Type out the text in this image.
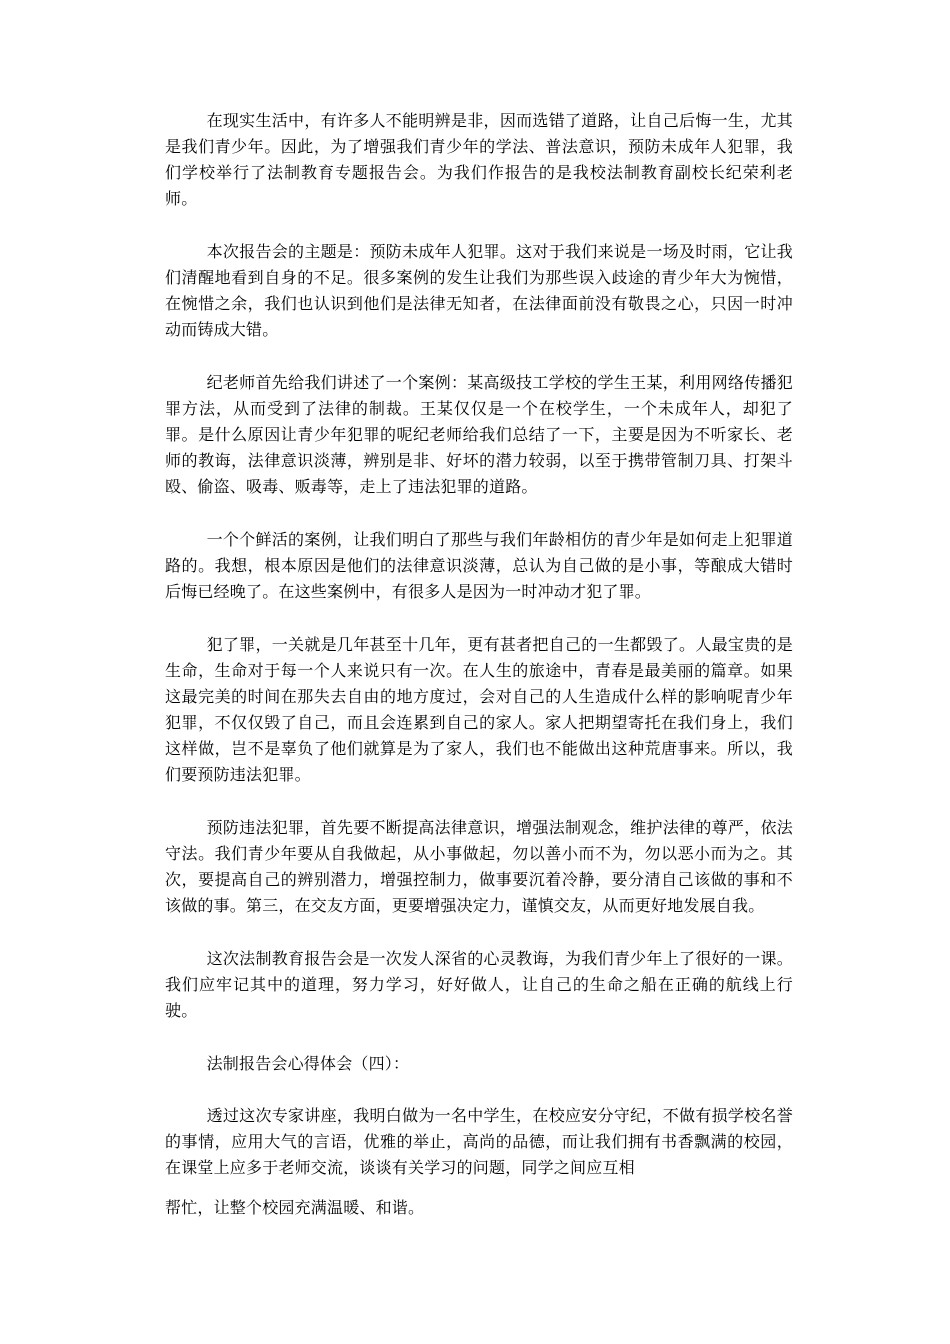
在现实生活中，有许多人不能明辨是非，因而选错了道路，让自己后悔一生，尤其是我们青少年。因此，为了增强我们青少年的学法、普法意识，预防未成年人犯罪，我们学校举行了法制教育专题报告会。为我们作报告的是我校法制教育副校长纪荣利老师。

本次报告会的主题是：预防未成年人犯罪。这对于我们来说是一场及时雨，它让我们清醒地看到自身的不足。很多案例的发生让我们为那些误入歧途的青少年大为惋惜，在惋惜之余，我们也认识到他们是法律无知者，在法律面前没有敬畏之心，只因一时冲动而铸成大错。

纪老师首先给我们讲述了一个案例：某高级技工学校的学生王某，利用网络传播犯罪方法，从而受到了法律的制裁。王某仅仅是一个在校学生，一个未成年人，却犯了罪。是什么原因让青少年犯罪的呢纪老师给我们总结了一下，主要是因为不听家长、老师的教诲，法律意识淡薄，辨别是非、好坏的潜力较弱，以至于携带管制刀具、打架斗殴、偷盗、吸毒、贩毒等，走上了违法犯罪的道路。

一个个鲜活的案例，让我们明白了那些与我们年龄相仿的青少年是如何走上犯罪道路的。我想，根本原因是他们的法律意识淡薄，总认为自己做的是小事，等酿成大错时后悔已经晚了。在这些案例中，有很多人是因为一时冲动才犯了罪。

犯了罪，一关就是几年甚至十几年，更有甚者把自己的一生都毁了。人最宝贵的是生命，生命对于每一个人来说只有一次。在人生的旅途中，青春是最美丽的篇章。如果这最完美的时间在那失去自由的地方度过，会对自己的人生造成什么样的影响呢青少年犯罪，不仅仅毁了自己，而且会连累到自己的家人。家人把期望寄托在我们身上，我们这样做，岂不是辜负了他们就算是为了家人，我们也不能做出这种荒唐事来。所以，我们要预防违法犯罪。

预防违法犯罪，首先要不断提高法律意识，增强法制观念，维护法律的尊严，依法守法。我们青少年要从自我做起，从小事做起，勿以善小而不为，勿以恶小而为之。其次，要提高自己的辨别潜力，增强控制力，做事要沉着冷静，要分清自己该做的事和不该做的事。第三，在交友方面，更要增强决定力，谨慎交友，从而更好地发展自我。

这次法制教育报告会是一次发人深省的心灵教诲，为我们青少年上了很好的一课。我们应牢记其中的道理，努力学习，好好做人，让自己的生命之船在正确的航线上行驶。

法制报告会心得体会（四）：

透过这次专家讲座，我明白做为一名中学生，在校应安分守纪，不做有损学校名誉的事情，应用大气的言语，优雅的举止，高尚的品德，而让我们拥有书香飘满的校园，在课堂上应多于老师交流，谈谈有关学习的问题，同学之间应互相

帮忙，让整个校园充满温暖、和谐。
